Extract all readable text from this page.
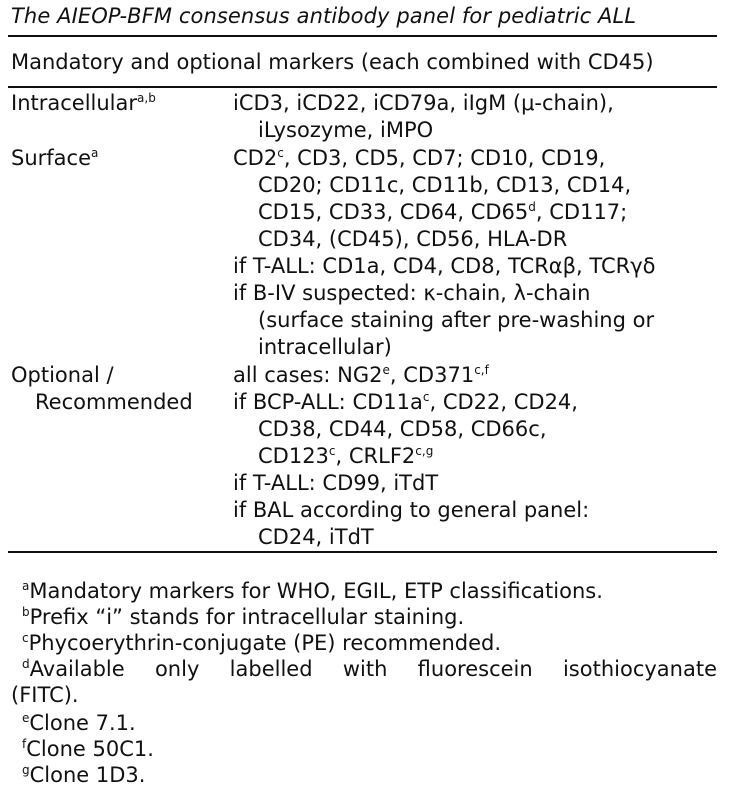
The AIEOP-BFM consensus antibody panel for pediatric ALL
Mandatory and optional markers (each combined with CD45)
Intracellular$^{a,b}$	iCD3, iCD22, iCD79a, iIgM (μ-chain),
iLysozyme, iMPO
Surface$^a$	CD2$^c$, CD3, CD5, CD7; CD10, CD19,
CD20; CD11c, CD11b, CD13, CD14,
CD15, CD33, CD64, CD65$^d$, CD117;
CD34, (CD45), CD56, HLA-DR
if T-ALL: CD1a, CD4, CD8, TCRαβ, TCRγδ
if B-IV suspected: κ-chain, λ-chain
(surface staining after pre-washing or
intracellular)
Optional /
Recommended
all cases: NG2e, CD371$^{c,f}$
if BCP-ALL: $CD11a^c$, CD22, CD24,
CD38, CD44, CD58, CD66c,
CD123$^c$, CRLF2$^{c,g}$
if T-ALL: CD99, iTdT
if BAL according to general panel:
CD24, iTdT
$^a$Mandatory markers for WHO, EGIL, ETP classifications.
$^b$Prefix “i” stands for intracellular staining.
$^c$Phycoerythrin-conjugate (PE) recommended.
$^d$Available only labelled with fluorescein isothiocyanate
(FITC).
$^e$Clone 7.1.
$^f$Clone 50C1.
$^g$Clone 1D3.
